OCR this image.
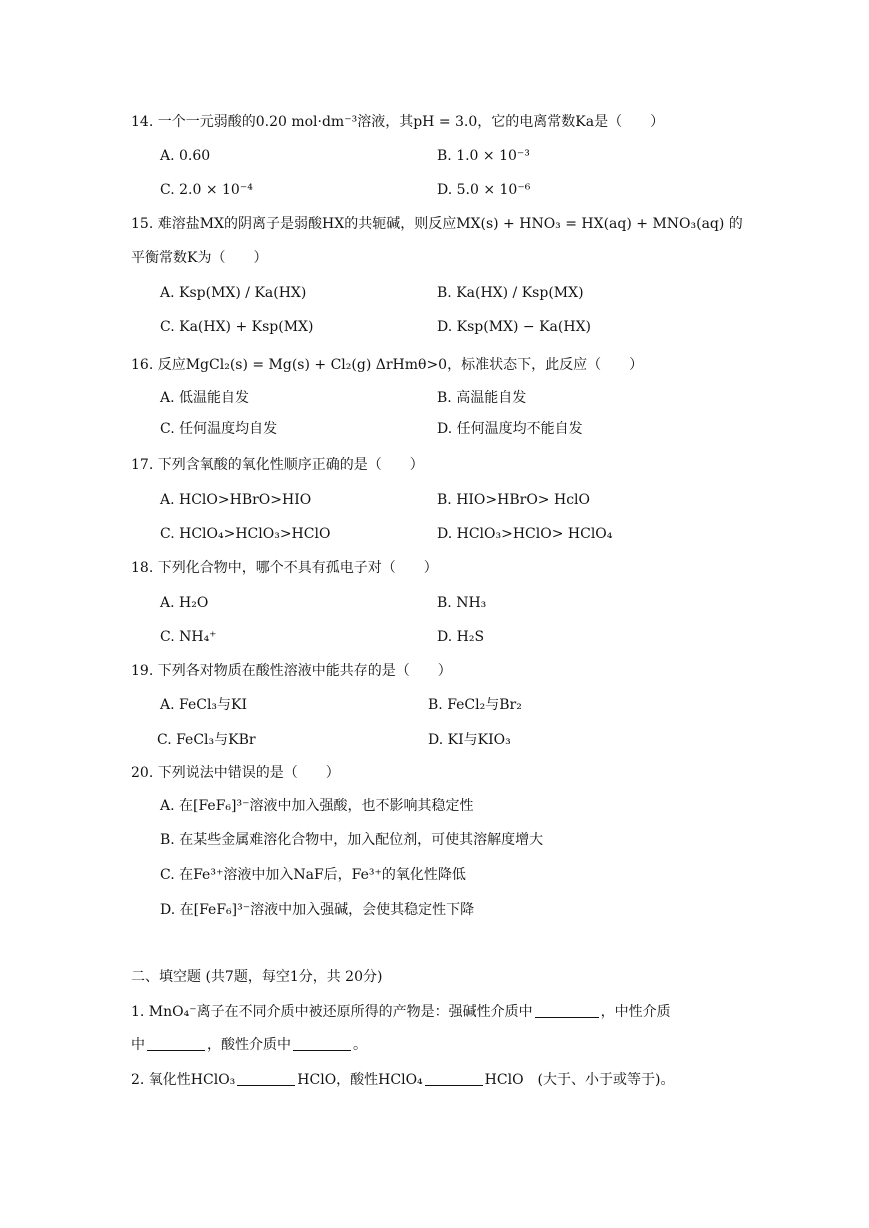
14. 一个一元弱酸的0.20 mol·dm⁻³溶液，其pH = 3.0，它的电离常数Ka是（　　）
A. 0.60	B. 1.0 × 10⁻³
C. 2.0 × 10⁻⁴	D. 5.0 × 10⁻⁶
15. 难溶盐MX的阴离子是弱酸HX的共轭碱，则反应MX(s) + HNO₃ = HX(aq) + MNO₃(aq) 的
平衡常数K为（　　）
A. Ksp(MX) / Ka(HX)	B. Ka(HX) / Ksp(MX)
C. Ka(HX) + Ksp(MX)	D. Ksp(MX) − Ka(HX)
16. 反应MgCl₂(s) = Mg(s) + Cl₂(g) ΔrHmθ>0，标准状态下，此反应（　　）
A. 低温能自发	B. 高温能自发
C. 任何温度均自发	D. 任何温度均不能自发
17. 下列含氧酸的氧化性顺序正确的是（　　）
A. HClO>HBrO>HIO	B. HIO>HBrO> HclO
C. HClO₄>HClO₃>HClO	D. HClO₃>HClO> HClO₄
18. 下列化合物中，哪个不具有孤电子对（　　）
A. H₂O	B. NH₃
C. NH₄⁺	D. H₂S
19. 下列各对物质在酸性溶液中能共存的是（　　）
A. FeCl₃与KI	B. FeCl₂与Br₂
C. FeCl₃与KBr	D. KI与KIO₃
20. 下列说法中错误的是（　　）
A. 在[FeF₆]³⁻溶液中加入强酸，也不影响其稳定性
B. 在某些金属难溶化合物中，加入配位剂，可使其溶解度增大
C. 在Fe³⁺溶液中加入NaF后，Fe³⁺的氧化性降低
D. 在[FeF₆]³⁻溶液中加入强碱，会使其稳定性下降
二、填空题 (共7题，每空1分，共 20分)
1. MnO₄⁻离子在不同介质中被还原所得的产物是：强碱性介质中	，中性介质
中	，酸性介质中	。
2. 氧化性HClO₃	HClO，酸性HClO₄	HClO　(大于、小于或等于)。
